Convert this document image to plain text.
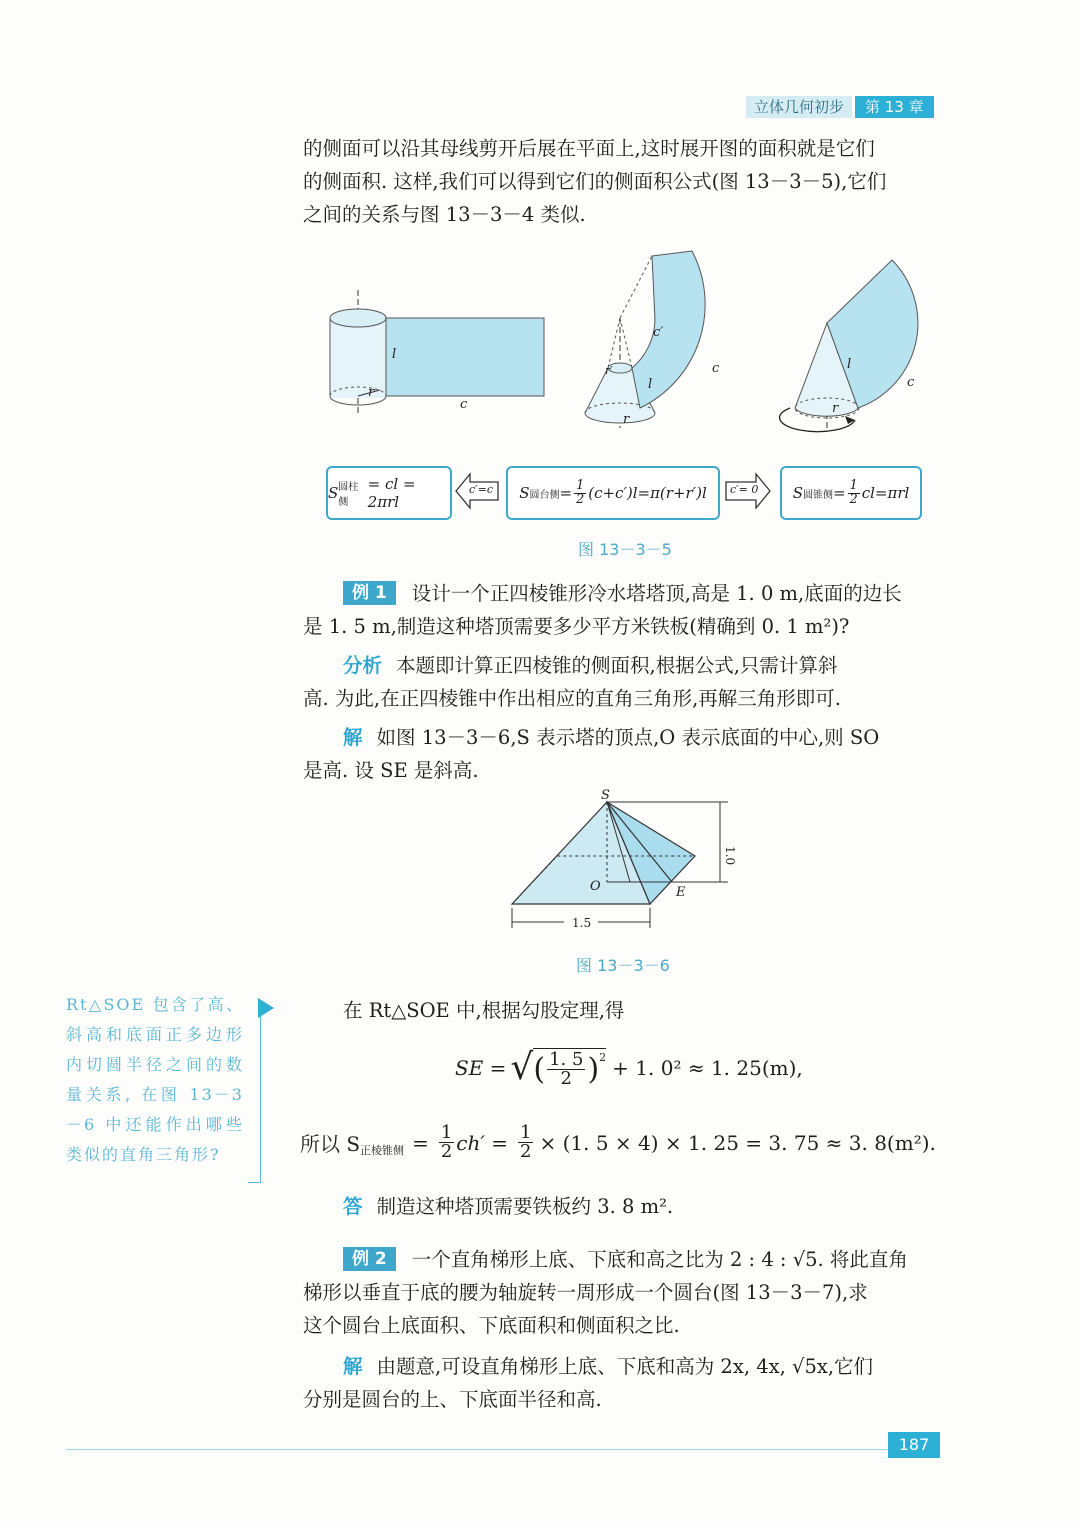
立体几何初步	第 13 章
的侧面可以沿其母线剪开后展在平面上,这时展开图的面积就是它们
的侧面积. 这样,我们可以得到它们的侧面积公式(图 13－3－5),它们
之间的关系与图 13－3－4 类似.
l
r
c
c′
l
c
r′
r
l
c
r
S 圆柱侧
= cl = 2πrl
c′=c S 圆台侧 = $\frac{1}{2} (c+c')l=\pi(r+r')l$ c′= 0 S 圆锥侧 = $\frac{1}{2} cl=\pi rl$
图 13－3－5
例 1 设计一个正四棱锥形冷水塔塔顶,高是 1. 0 m,底面的边长
是 1. 5 m,制造这种塔顶需要多少平方米铁板(精确到 0. 1 m²)?
分析 本题即计算正四棱锥的侧面积,根据公式,只需计算斜
高. 为此,在正四棱锥中作出相应的直角三角形,再解三角形即可.
解 如图 13－3－6,S 表示塔的顶点,O 表示底面的中心,则 SO
是高. 设 SE 是斜高.
S
O	E
1.0
1.5
图 13－3－6
Rt△SOE 包含了高、斜高和底面正多边形内切圆半径之间的数量关系, 在图 13－3－6 中还能作出哪些类似的直角三角形?
在 Rt△SOE 中,根据勾股定理,得
SE = √ ( $\frac{1. 5}{2} )^2 + 1$. 0² ≈ 1. 25(m),
所以 $S_{正棱锥侧} = \frac{1}{2} ch' = \frac{1}{2} \times (1$. 5 × 4) × 1. 25 = 3. 75 ≈ 3. 8(m²).
答 制造这种塔顶需要铁板约 3. 8 m².
例 2 一个直角梯形上底、下底和高之比为 2 : 4 : √5. 将此直角
梯形以垂直于底的腰为轴旋转一周形成一个圆台(图 13－3－7),求
这个圆台上底面积、下底面积和侧面积之比.
解 由题意,可设直角梯形上底、下底和高为 2x, 4x, √5x,它们
分别是圆台的上、下底面半径和高.
187
